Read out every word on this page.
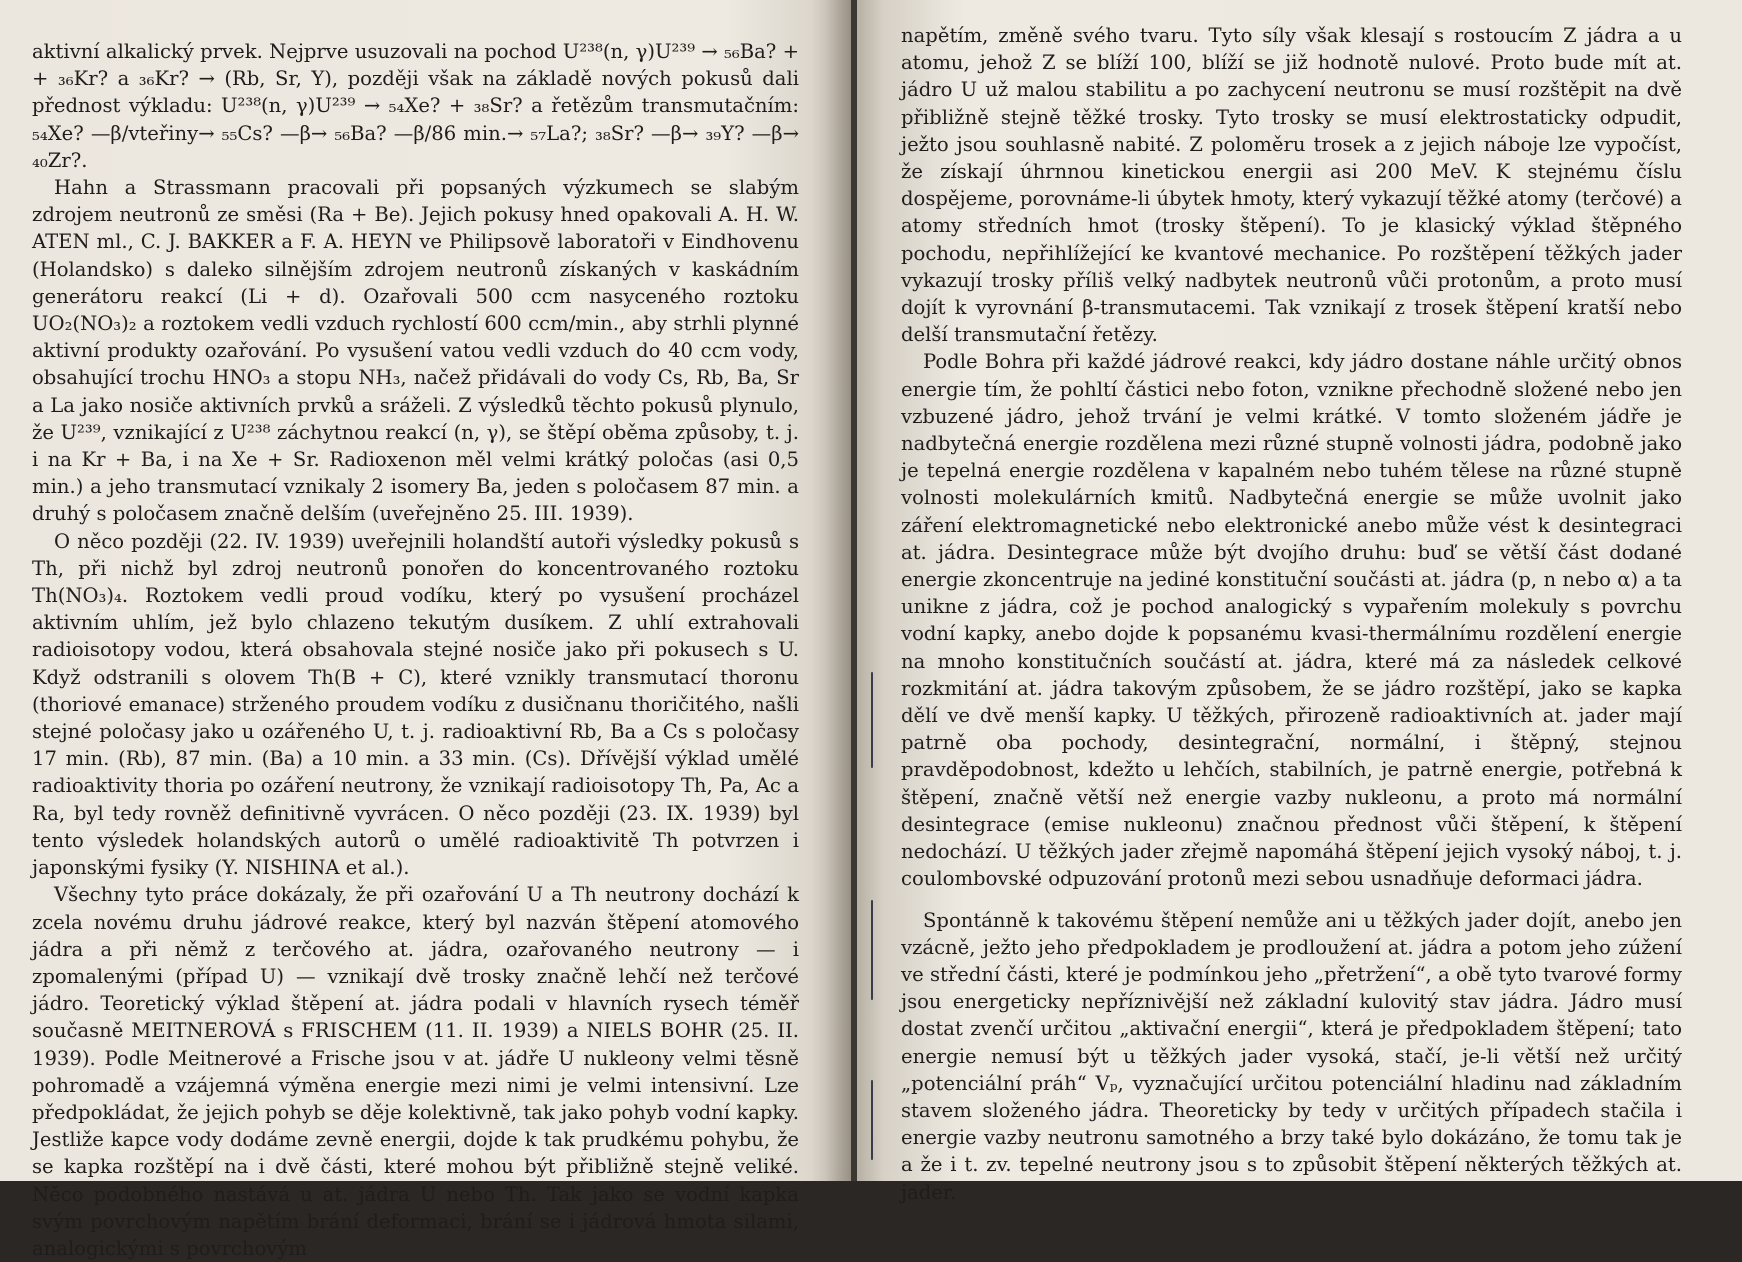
aktivní alkalický prvek. Nejprve usuzovali na pochod U²³⁸(n, γ)U²³⁹ → ₅₆Ba? + + ₃₆Kr? a ₃₆Kr? → (Rb, Sr, Y), později však na základě nových pokusů dali přednost výkladu: U²³⁸(n, γ)U²³⁹ → ₅₄Xe? + ₃₈Sr? a řetězům transmutačním: ₅₄Xe? —β/vteřiny→ ₅₅Cs? —β→ ₅₆Ba? —β/86 min.→ ₅₇La?; ₃₈Sr? —β→ ₃₉Y? —β→ ₄₀Zr?.

Hahn a Strassmann pracovali při popsaných výzkumech se slabým zdrojem neutronů ze směsi (Ra + Be). Jejich pokusy hned opakovali A. H. W. ATEN ml., C. J. BAKKER a F. A. HEYN ve Philipsově laboratoři v Eindhovenu (Holandsko) s daleko silnějším zdrojem neutronů získaných v kaskádním generátoru reakcí (Li + d). Ozařovali 500 ccm nasyceného roztoku UO₂(NO₃)₂ a roztokem vedli vzduch rychlostí 600 ccm/min., aby strhli plynné aktivní produkty ozařování. Po vysušení vatou vedli vzduch do 40 ccm vody, obsahující trochu HNO₃ a stopu NH₃, načež přidávali do vody Cs, Rb, Ba, Sr a La jako nosiče aktivních prvků a sráželi. Z výsledků těchto pokusů plynulo, že U²³⁹, vznikající z U²³⁸ záchytnou reakcí (n, γ), se štěpí oběma způsoby, t. j. i na Kr + Ba, i na Xe + Sr. Radioxenon měl velmi krátký poločas (asi 0,5 min.) a jeho transmutací vznikaly 2 isomery Ba, jeden s poločasem 87 min. a druhý s poločasem značně delším (uveřejněno 25. III. 1939).

O něco později (22. IV. 1939) uveřejnili holandští autoři výsledky pokusů s Th, při nichž byl zdroj neutronů ponořen do koncentrovaného roztoku Th(NO₃)₄. Roztokem vedli proud vodíku, který po vysušení procházel aktivním uhlím, jež bylo chlazeno tekutým dusíkem. Z uhlí extrahovali radioisotopy vodou, která obsahovala stejné nosiče jako při pokusech s U. Když odstranili s olovem Th(B + C), které vznikly transmutací thoronu (thoriové emanace) strženého proudem vodíku z dusičnanu thoričitého, našli stejné poločasy jako u ozářeného U, t. j. radioaktivní Rb, Ba a Cs s poločasy 17 min. (Rb), 87 min. (Ba) a 10 min. a 33 min. (Cs). Dřívější výklad umělé radioaktivity thoria po ozáření neutrony, že vznikají radioisotopy Th, Pa, Ac a Ra, byl tedy rovněž definitivně vyvrácen. O něco později (23. IX. 1939) byl tento výsledek holandských autorů o umělé radioaktivitě Th potvrzen i japonskými fysiky (Y. NISHINA et al.).

Všechny tyto práce dokázaly, že při ozařování U a Th neutrony dochází k zcela novému druhu jádrové reakce, který byl nazván štěpení atomového jádra a při němž z terčového at. jádra, ozařovaného neutrony — i zpomalenými (případ U) — vznikají dvě trosky značně lehčí než terčové jádro. Teoretický výklad štěpení at. jádra podali v hlavních rysech téměř současně MEITNEROVÁ s FRISCHEM (11. II. 1939) a NIELS BOHR (25. II. 1939). Podle Meitnerové a Frische jsou v at. jádře U nukleony velmi těsně pohromadě a vzájemná výměna energie mezi nimi je velmi intensivní. Lze předpokládat, že jejich pohyb se děje kolektivně, tak jako pohyb vodní kapky. Jestliže kapce vody dodáme zevně energii, dojde k tak prudkému pohybu, že se kapka rozštěpí na i dvě části, které mohou být přibližně stejně veliké. Něco podobného nastává u at. jádra U nebo Th. Tak jako se vodní kapka svým povrchovým napětím brání deformaci, brání se i jádrová hmota silami, analogickými s povrchovým

napětím, změně svého tvaru. Tyto síly však klesají s rostoucím Z jádra a u atomu, jehož Z se blíží 100, blíží se již hodnotě nulové. Proto bude mít at. jádro U už malou stabilitu a po zachycení neutronu se musí rozštěpit na dvě přibližně stejně těžké trosky. Tyto trosky se musí elektrostaticky odpudit, ježto jsou souhlasně nabité. Z poloměru trosek a z jejich náboje lze vypočíst, že získají úhrnnou kinetickou energii asi 200 MeV. K stejnému číslu dospějeme, porovnáme-li úbytek hmoty, který vykazují těžké atomy (terčové) a atomy středních hmot (trosky štěpení). To je klasický výklad štěpného pochodu, nepřihlížející ke kvantové mechanice. Po rozštěpení těžkých jader vykazují trosky příliš velký nadbytek neutronů vůči protonům, a proto musí dojít k vyrovnání β-transmutacemi. Tak vznikají z trosek štěpení kratší nebo delší transmutační řetězy.

Podle Bohra při každé jádrové reakci, kdy jádro dostane náhle určitý obnos energie tím, že pohltí částici nebo foton, vznikne přechodně složené nebo jen vzbuzené jádro, jehož trvání je velmi krátké. V tomto složeném jádře je nadbytečná energie rozdělena mezi různé stupně volnosti jádra, podobně jako je tepelná energie rozdělena v kapalném nebo tuhém tělese na různé stupně volnosti molekulárních kmitů. Nadbytečná energie se může uvolnit jako záření elektromagnetické nebo elektronické anebo může vést k desintegraci at. jádra. Desintegrace může být dvojího druhu: buď se větší část dodané energie zkoncentruje na jediné konstituční součásti at. jádra (p, n nebo α) a ta unikne z jádra, což je pochod analogický s vypařením molekuly s povrchu vodní kapky, anebo dojde k popsanému kvasi-thermálnímu rozdělení energie na mnoho konstitučních součástí at. jádra, které má za následek celkové rozkmitání at. jádra takovým způsobem, že se jádro rozštěpí, jako se kapka dělí ve dvě menší kapky. U těžkých, přirozeně radioaktivních at. jader mají patrně oba pochody, desintegrační, normální, i štěpný, stejnou pravděpodobnost, kdežto u lehčích, stabilních, je patrně energie, potřebná k štěpení, značně větší než energie vazby nukleonu, a proto má normální desintegrace (emise nukleonu) značnou přednost vůči štěpení, k štěpení nedochází. U těžkých jader zřejmě napomáhá štěpení jejich vysoký náboj, t. j. coulombovské odpuzování protonů mezi sebou usnadňuje deformaci jádra.

Spontánně k takovému štěpení nemůže ani u těžkých jader dojít, anebo jen vzácně, ježto jeho předpokladem je prodloužení at. jádra a potom jeho zúžení ve střední části, které je podmínkou jeho „přetržení“, a obě tyto tvarové formy jsou energeticky nepříznivější než základní kulovitý stav jádra. Jádro musí dostat zvenčí určitou „aktivační energii“, která je předpokladem štěpení; tato energie nemusí být u těžkých jader vysoká, stačí, je-li větší než určitý „potenciální práh“ Vₚ, vyznačující určitou potenciální hladinu nad základním stavem složeného jádra. Theoreticky by tedy v určitých případech stačila i energie vazby neutronu samotného a brzy také bylo dokázáno, že tomu tak je a že i t. zv. tepelné neutrony jsou s to způsobit štěpení některých těžkých at. jader.
